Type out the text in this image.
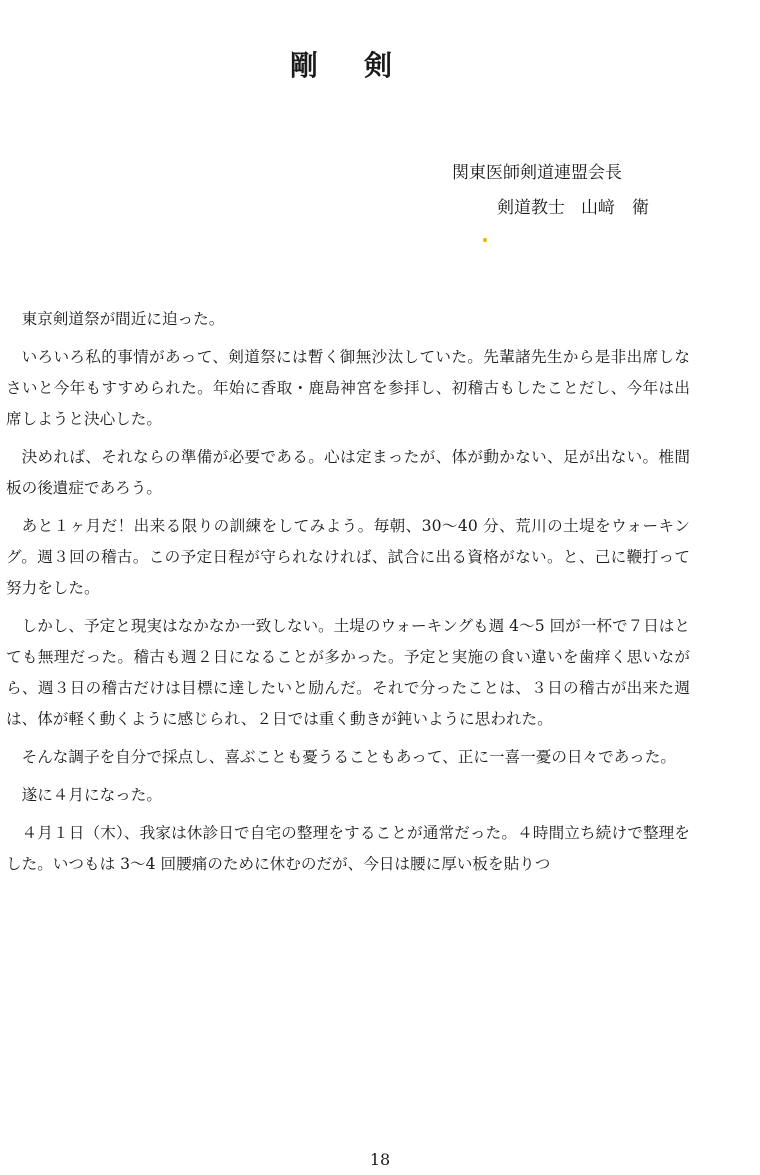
剛 剣
関東医師剣道連盟会長
剣道教士 山﨑　衛

東京剣道祭が間近に迫った。

いろいろ私的事情があって、剣道祭には暫く御無沙汰していた。先輩諸先生から是非出席しなさいと今年もすすめられた。年始に香取・鹿島神宮を参拝し、初稽古もしたことだし、今年は出席しようと決心した。

決めれば、それならの準備が必要である。心は定まったが、体が動かない、足が出ない。椎間板の後遺症であろう。

あと１ヶ月だ！出来る限りの訓練をしてみよう。毎朝、30～40 分、荒川の土堤をウォーキング。週３回の稽古。この予定日程が守られなければ、試合に出る資格がない。と、己に鞭打って努力をした。

しかし、予定と現実はなかなか一致しない。土堤のウォーキングも週 4～5 回が一杯で７日はとても無理だった。稽古も週２日になることが多かった。予定と実施の食い違いを歯痒く思いながら、週３日の稽古だけは目標に達したいと励んだ。それで分ったことは、３日の稽古が出来た週は、体が軽く動くように感じられ、２日では重く動きが鈍いように思われた。

そんな調子を自分で採点し、喜ぶことも憂うることもあって、正に一喜一憂の日々であった。

遂に４月になった。

４月１日（木）、我家は休診日で自宅の整理をすることが通常だった。４時間立ち続けで整理をした。いつもは 3～4 回腰痛のために休むのだが、今日は腰に厚い板を貼りつ

18
